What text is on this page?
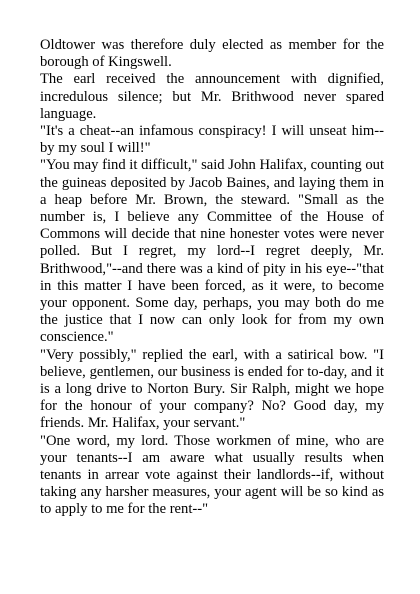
Oldtower was therefore duly elected as member for the borough of Kingswell.

The earl received the announcement with dignified, incredulous silence; but Mr. Brithwood never spared language.

"It's a cheat--an infamous conspiracy! I will unseat him--by my soul I will!"

"You may find it difficult," said John Halifax, counting out the guineas deposited by Jacob Baines, and laying them in a heap before Mr. Brown, the steward. "Small as the number is, I believe any Committee of the House of Commons will decide that nine honester votes were never polled. But I regret, my lord--I regret deeply, Mr. Brithwood,"--and there was a kind of pity in his eye--"that in this matter I have been forced, as it were, to become your opponent. Some day, perhaps, you may both do me the justice that I now can only look for from my own conscience."

"Very possibly," replied the earl, with a satirical bow. "I believe, gentlemen, our business is ended for to-day, and it is a long drive to Norton Bury. Sir Ralph, might we hope for the honour of your company? No? Good day, my friends. Mr. Halifax, your servant."

"One word, my lord. Those workmen of mine, who are your tenants--I am aware what usually results when tenants in arrear vote against their landlords--if, without taking any harsher measures, your agent will be so kind as to apply to me for the rent--"
